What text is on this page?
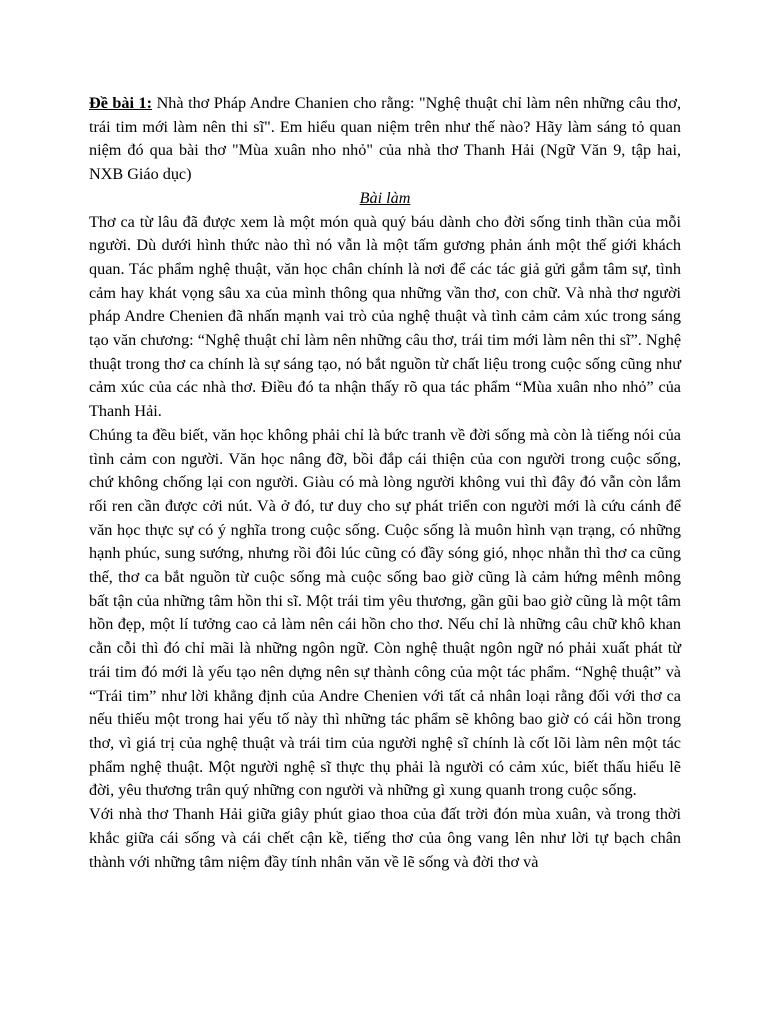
Đề bài 1: Nhà thơ Pháp Andre Chanien cho rằng: "Nghệ thuật chỉ làm nên những câu thơ, trái tim mới làm nên thi sĩ". Em hiểu quan niệm trên như thế nào? Hãy làm sáng tỏ quan niệm đó qua bài thơ "Mùa xuân nho nhỏ" của nhà thơ Thanh Hải (Ngữ Văn 9, tập hai, NXB Giáo dục)

Bài làm

Thơ ca từ lâu đã được xem là một món quà quý báu dành cho đời sống tinh thần của mỗi người. Dù dưới hình thức nào thì nó vẫn là một tấm gương phản ánh một thế giới khách quan. Tác phẩm nghệ thuật, văn học chân chính là nơi để các tác giả gửi gắm tâm sự, tình cảm hay khát vọng sâu xa của mình thông qua những vần thơ, con chữ. Và nhà thơ người pháp Andre Chenien đã nhấn mạnh vai trò của nghệ thuật và tình cảm cảm xúc trong sáng tạo văn chương: “Nghệ thuật chỉ làm nên những câu thơ, trái tim mới làm nên thi sĩ”. Nghệ thuật trong thơ ca chính là sự sáng tạo, nó bắt nguồn từ chất liệu trong cuộc sống cũng như cảm xúc của các nhà thơ. Điều đó ta nhận thấy rõ qua tác phẩm “Mùa xuân nho nhỏ” của Thanh Hải.

Chúng ta đều biết, văn học không phải chỉ là bức tranh về đời sống mà còn là tiếng nói của tình cảm con người. Văn học nâng đỡ, bồi đắp cái thiện của con người trong cuộc sống, chứ không chống lại con người. Giàu có mà lòng người không vui thì đây đó vẫn còn lắm rối ren cần được cởi nút. Và ở đó, tư duy cho sự phát triển con người mới là cứu cánh để văn học thực sự có ý nghĩa trong cuộc sống. Cuộc sống là muôn hình vạn trạng, có những hạnh phúc, sung sướng, nhưng rồi đôi lúc cũng có đầy sóng gió, nhọc nhằn thì thơ ca cũng thế, thơ ca bắt nguồn từ cuộc sống mà cuộc sống bao giờ cũng là cảm hứng mênh mông bất tận của những tâm hồn thi sĩ. Một trái tim yêu thương, gần gũi bao giờ cũng là một tâm hồn đẹp, một lí tưởng cao cả làm nên cái hồn cho thơ. Nếu chỉ là những câu chữ khô khan cằn cỗi thì đó chỉ mãi là những ngôn ngữ. Còn nghệ thuật ngôn ngữ nó phải xuất phát từ trái tim đó mới là yếu tạo nên dựng nên sự thành công của một tác phẩm. “Nghệ thuật” và “Trái tim” như lời khẳng định của Andre Chenien với tất cả nhân loại rằng đối với thơ ca nếu thiếu một trong hai yếu tố này thì những tác phẩm sẽ không bao giờ có cái hồn trong thơ, vì giá trị của nghệ thuật và trái tim của người nghệ sĩ chính là cốt lõi làm nên một tác phẩm nghệ thuật. Một người nghệ sĩ thực thụ phải là người có cảm xúc, biết thấu hiểu lẽ đời, yêu thương trân quý những con người và những gì xung quanh trong cuộc sống.

Với nhà thơ Thanh Hải giữa giây phút giao thoa của đất trời đón mùa xuân, và trong thời khắc giữa cái sống và cái chết cận kề, tiếng thơ của ông vang lên như lời tự bạch chân thành với những tâm niệm đầy tính nhân văn về lẽ sống và đời thơ và
